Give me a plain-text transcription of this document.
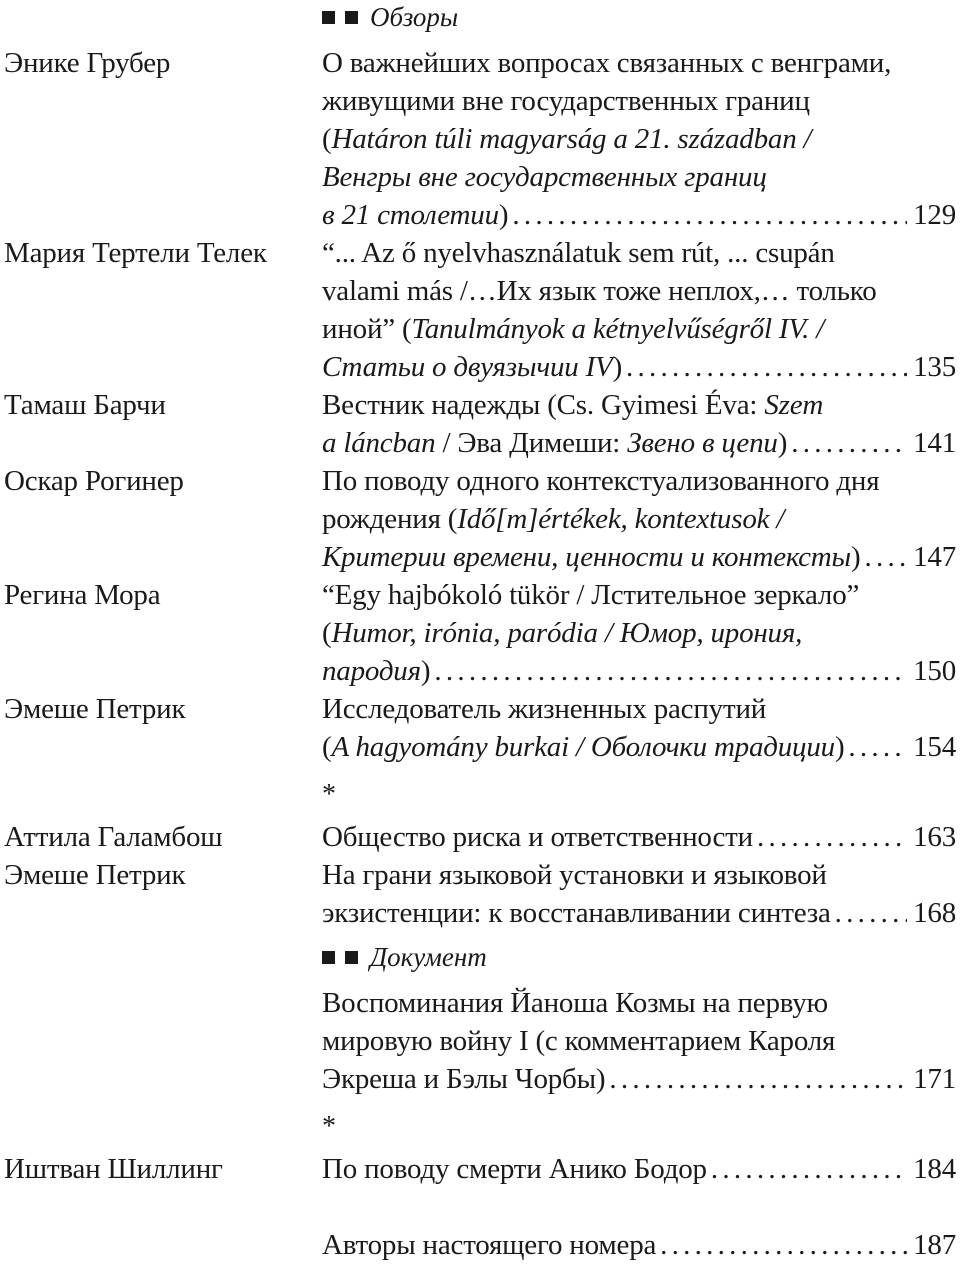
Обзоры
Энике Грубер	О важнейших вопросах связанных с венграми,
живущими вне государственных границ
(Határon túli magyarság a 21. században /
Венгры вне государственных границ
в 21 столетии) . . .	129
Мария Тертели Телек “... Az ő nyelvhasználatuk sem rút, ... csupán
valami más /…Их язык тоже неплох,… только
иной” (Tanulmányok a kétnyelvűségről IV. /
Статьи о двуязычии IV) . . .	135
Тамаш Барчи	Вестник надежды (Cs. Gyimesi Éva: Szem
a láncban / Эва Димеши: Звено в цепи) . . .	141
Оскар Рогинер	По поводу одного контекстуализованного дня
рождения (Idő[m]értékek, kontextusok /
Критерии времени, ценности и контексты) . . . 147
Регина Мора	“Egy hajbókoló tükör / Лстительное зеркало”
(Humor, irónia, paródia / Юмор, ирония,
пародия) . . .	150
Эмеше Петрик	Исследователь жизненных распутий
(A hagyomány burkai / Оболочки традиции) . . . 154
*
Аттила Галамбош	Общество риска и ответственности . . .	163
Эмеше Петрик	На грани языковой установки и языковой
экзистенции: к восстанавливании синтеза . . .	168
Документ
Воспоминания Йаноша Козмы на первую
мировую войну I (с комментарием Кароля
Экреша и Бэлы Чорбы) . . .	171
*
Иштван Шиллинг	По поводу смерти Анико Бодор . . .	184
Авторы настоящего номера . . .	187
